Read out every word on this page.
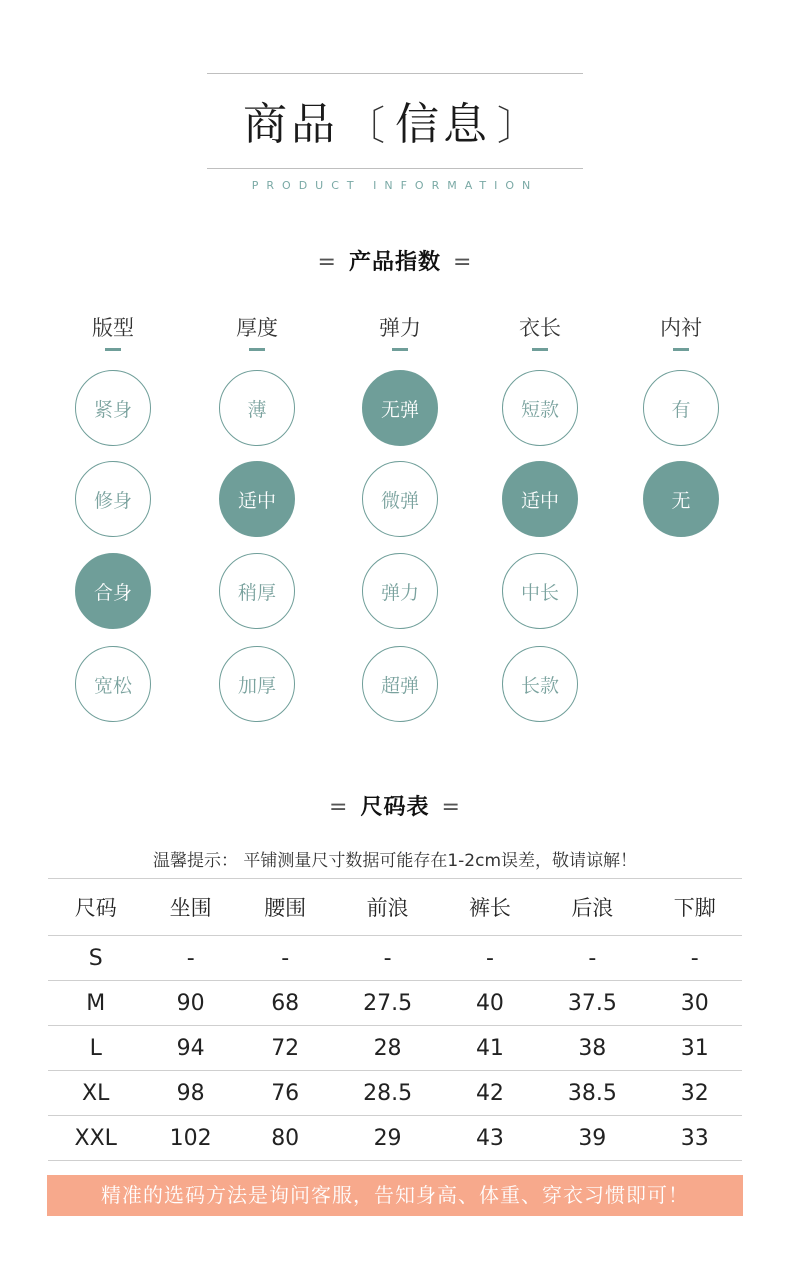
商品 〔 信息 〕
PRODUCT INFORMATION
= 产品指数 =
版型
紧身
修身
合身
宽松
厚度
薄
适中
稍厚
加厚
弹力
无弹
微弹
弹力
超弹
衣长
短款
适中
中长
长款
内衬
有
无
= 尺码表 =
温馨提示： 平铺测量尺寸数据可能存在1-2cm误差，敬请谅解！
尺码	坐围	腰围	前浪	裤长	后浪	下脚
S	-	-	-	-	-	-
M	90	68	27.5	40	37.5	30
L	94	72	28	41	38	31
XL	98	76	28.5	42	38.5	32
XXL	102	80	29	43	39	33
精准的选码方法是询问客服，告知身高、体重、穿衣习惯即可！
